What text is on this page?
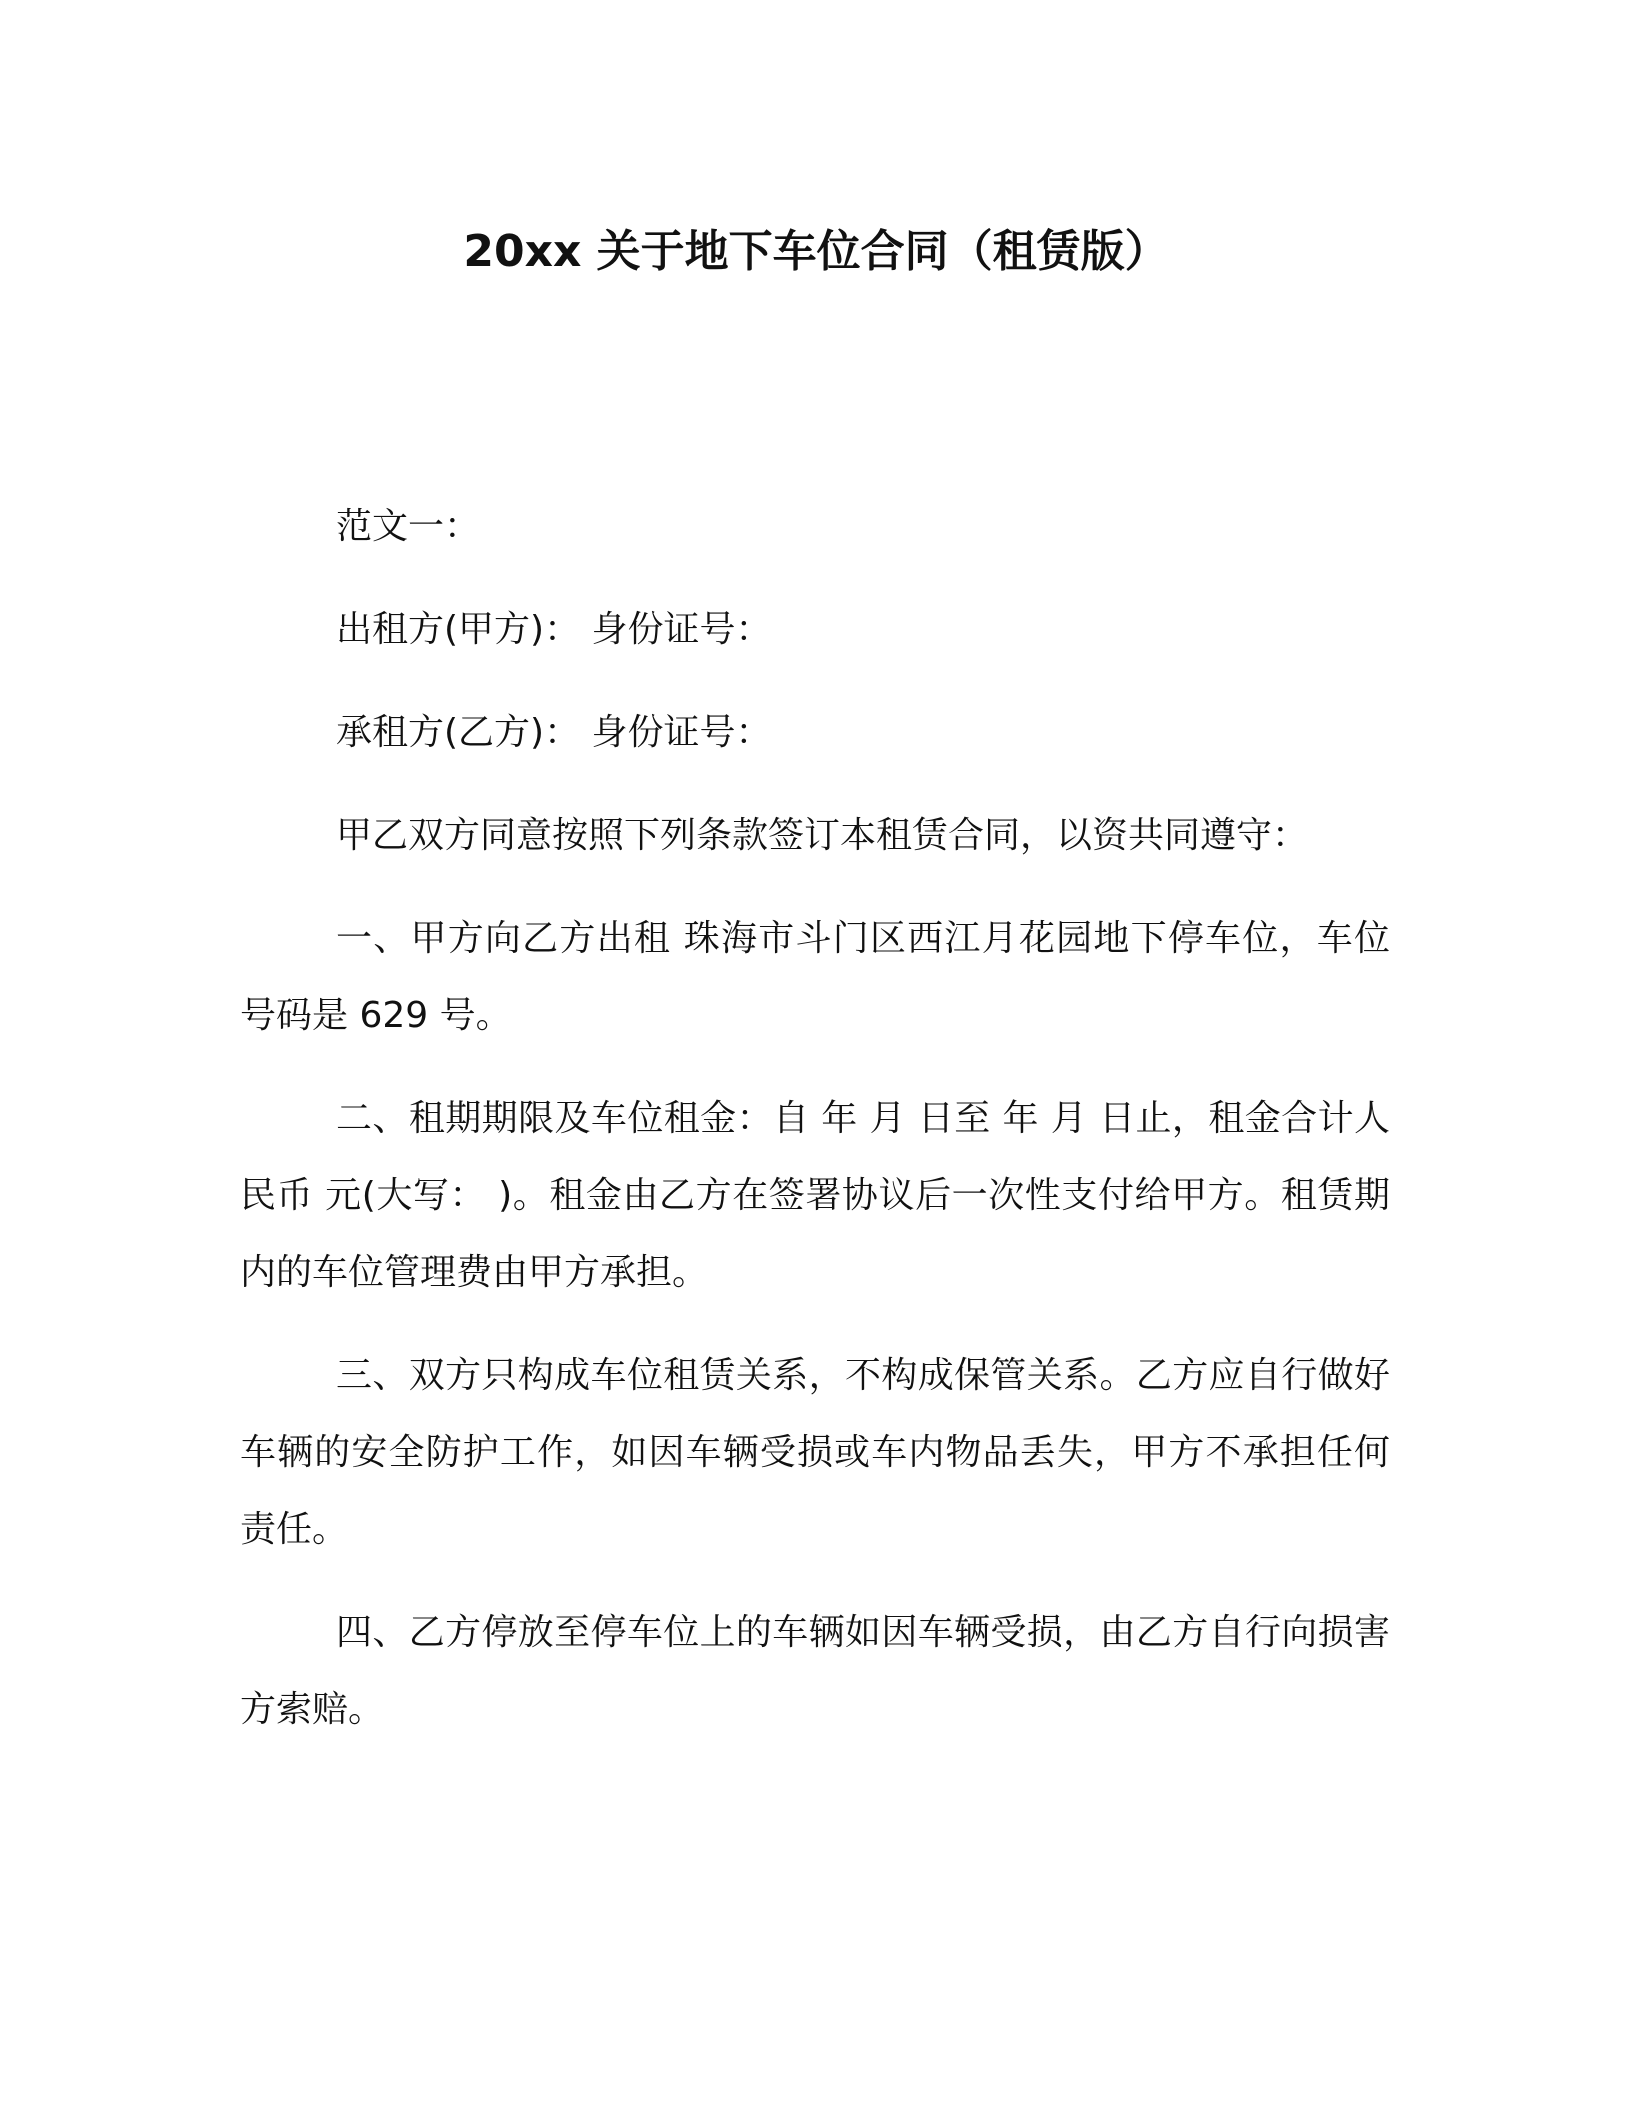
20xx 关于地下车位合同（租赁版）

范文一：

出租方(甲方)： 身份证号：

承租方(乙方)： 身份证号：

甲乙双方同意按照下列条款签订本租赁合同，以资共同遵守：

一、甲方向乙方出租 珠海市斗门区西江月花园地下停车位，车位号码是 629 号。

二、租期期限及车位租金：自 年 月 日至 年 月 日止，租金合计人民币 元(大写： )。租金由乙方在签署协议后一次性支付给甲方。租赁期内的车位管理费由甲方承担。

三、双方只构成车位租赁关系，不构成保管关系。乙方应自行做好车辆的安全防护工作，如因车辆受损或车内物品丢失，甲方不承担任何责任。

四、乙方停放至停车位上的车辆如因车辆受损，由乙方自行向损害方索赔。
